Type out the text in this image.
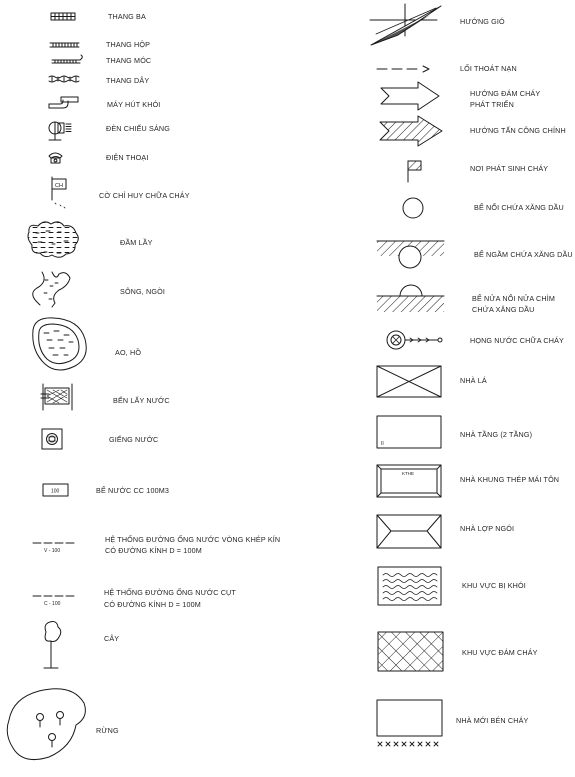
CH
100
V - 100
C - 100
II
KTHE
THANG BA
THANG HỘP
THANG MÓC
THANG DÂY
MÁY HÚT KHÓI
ĐÈN CHIẾU SÁNG
ĐIỆN THOẠI
CỜ CHỈ HUY CHỮA CHÁY
ĐẦM LẦY
SÔNG, NGÒI
AO, HỒ
BẾN LẤY NƯỚC
GIẾNG NƯỚC
BỂ NƯỚC CC 100M3
HỆ THỐNG ĐƯỜNG ỐNG NƯỚC VÒNG KHÉP KÍN
CÓ ĐƯỜNG KÍNH D = 100M
HỆ THỐNG ĐƯỜNG ỐNG NƯỚC CỤT
CÓ ĐƯỜNG KÍNH D = 100M
CÂY
RỪNG
HƯỚNG GIÓ
LỐI THOÁT NẠN
HƯỚNG ĐÁM CHÁY
PHÁT TRIỂN
HƯỚNG TẤN CÔNG CHÍNH
NƠI PHÁT SINH CHÁY
BỂ NỔI CHỨA XĂNG DẦU
BỂ NGẦM CHỨA XĂNG DẦU
BỂ NỬA NỔI NỬA CHÌM
CHỨA XĂNG DẦU
HỌNG NƯỚC CHỮA CHÁY
NHÀ LÁ
NHÀ TẦNG (2 TẦNG)
NHÀ KHUNG THÉP MÁI TÔN
NHÀ LỢP NGÓI
KHU VỰC BỊ KHÓI
KHU VỰC ĐÁM CHÁY
NHÀ MỚI BÉN CHÁY
